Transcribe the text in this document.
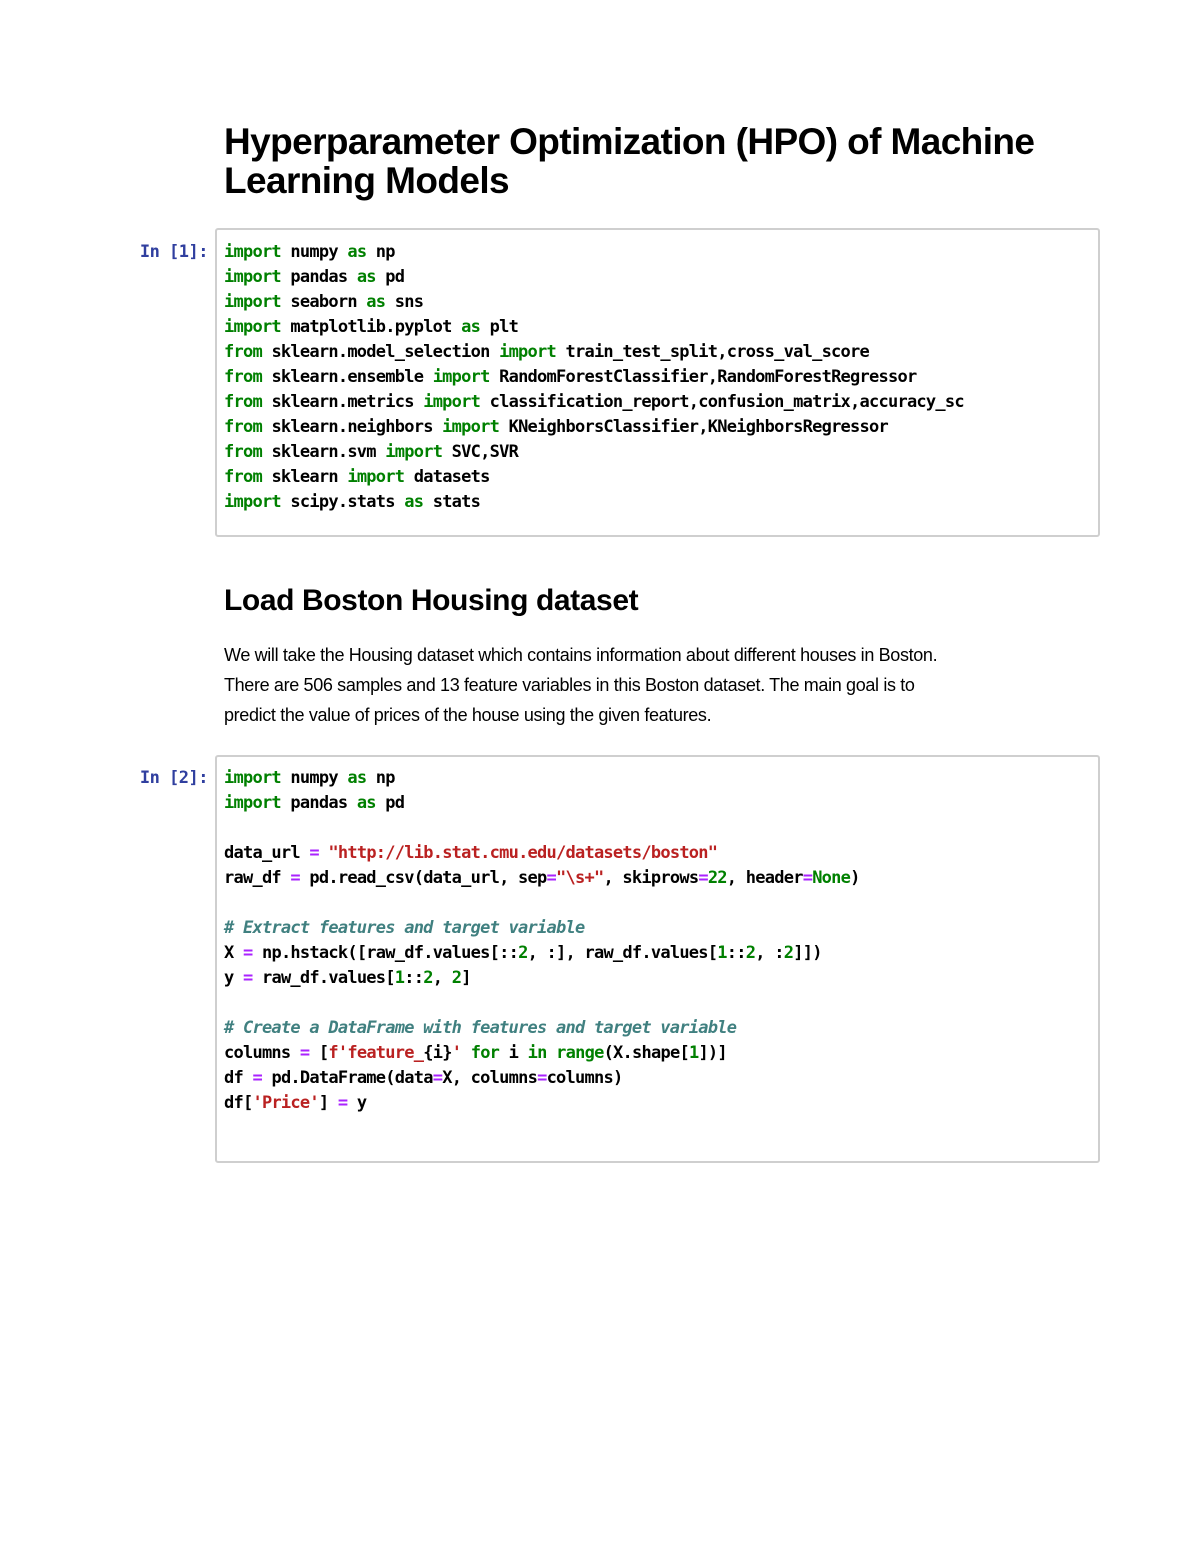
Hyperparameter Optimization (HPO) of Machine Learning Models
In [1]: import numpy as np
import pandas as pd
import seaborn as sns
import matplotlib.pyplot as plt
from sklearn.model_selection import train_test_split,cross_val_score
from sklearn.ensemble import RandomForestClassifier,RandomForestRegressor
from sklearn.metrics import classification_report,confusion_matrix,accuracy_sc
from sklearn.neighbors import KNeighborsClassifier,KNeighborsRegressor
from sklearn.svm import SVC,SVR
from sklearn import datasets
import scipy.stats as stats
Load Boston Housing dataset
We will take the Housing dataset which contains information about different houses in Boston.
There are 506 samples and 13 feature variables in this Boston dataset. The main goal is to
predict the value of prices of the house using the given features.
In [2]: import numpy as np
import pandas as pd

data_url = "http://lib.stat.cmu.edu/datasets/boston"
raw_df = pd.read_csv(data_url, sep="\s+", skiprows=22, header=None)

# Extract features and target variable
X = np.hstack([raw_df.values[::2, :], raw_df.values[1::2, :2]])
y = raw_df.values[1::2, 2]

# Create a DataFrame with features and target variable
columns = [f'feature_{i}' for i in range(X.shape[1])]
df = pd.DataFrame(data=X, columns=columns)
df['Price'] = y
